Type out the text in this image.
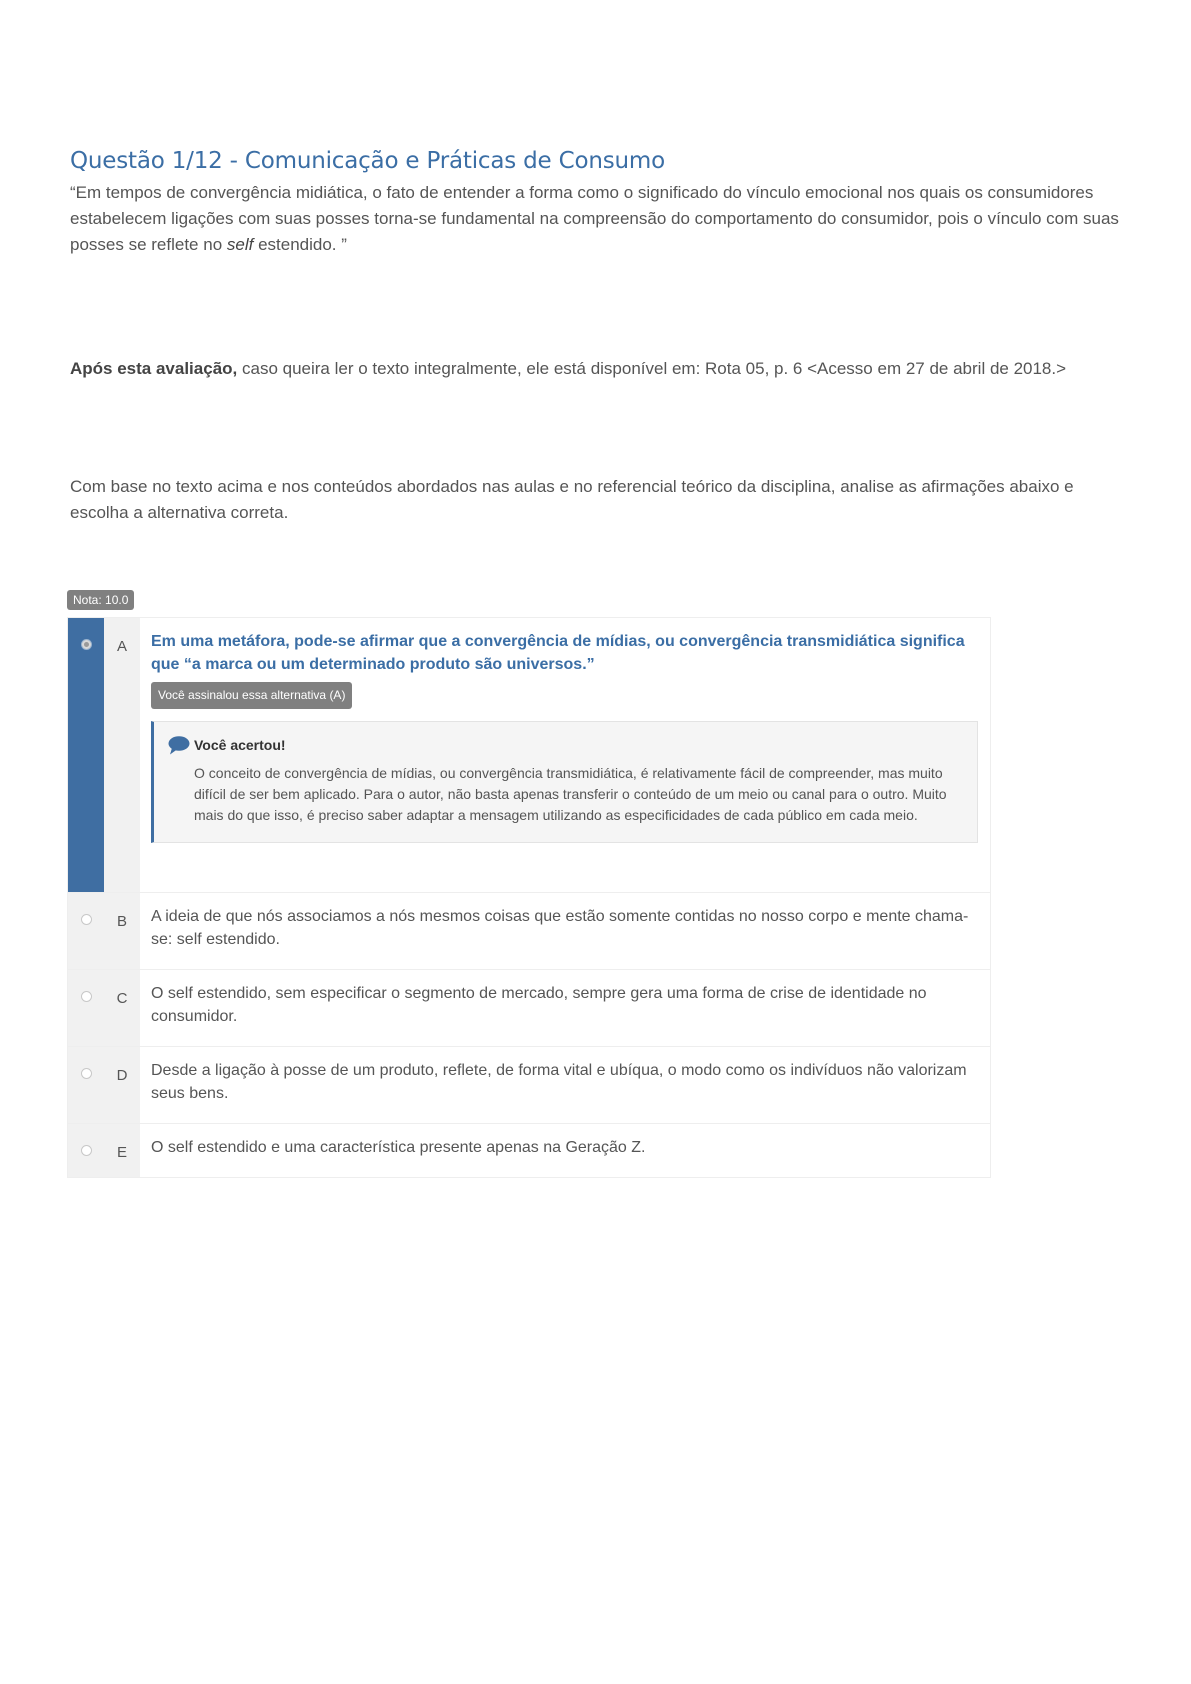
Questão 1/12 - Comunicação e Práticas de Consumo

“Em tempos de convergência midiática, o fato de entender a forma como o significado do vínculo emocional nos quais os consumidores estabelecem ligações com suas posses torna-se fundamental na compreensão do comportamento do consumidor, pois o vínculo com suas posses se reflete no self estendido. ”

Após esta avaliação, caso queira ler o texto integralmente, ele está disponível em: Rota 05, p. 6 <Acesso em 27 de abril de 2018.>

Com base no texto acima e nos conteúdos abordados nas aulas e no referencial teórico da disciplina, analise as afirmações abaixo e escolha a alternativa correta.

Nota: 10.0
A	Em uma metáfora, pode-se afirmar que a convergência de mídias, ou convergência transmidiática significa que “a marca ou um determinado produto são universos.”
Você assinalou essa alternativa (A)
Você acertou!
O conceito de convergência de mídias, ou convergência transmidiática, é relativamente fácil de compreender, mas muito difícil de ser bem aplicado. Para o autor, não basta apenas transferir o conteúdo de um meio ou canal para o outro. Muito mais do que isso, é preciso saber adaptar a mensagem utilizando as especificidades de cada público em cada meio.
B	A ideia de que nós associamos a nós mesmos coisas que estão somente contidas no nosso corpo e mente chama-se: self estendido.
C	O self estendido, sem especificar o segmento de mercado, sempre gera uma forma de crise de identidade no consumidor.
D	Desde a ligação à posse de um produto, reflete, de forma vital e ubíqua, o modo como os indivíduos não valorizam seus bens.
E	O self estendido e uma característica presente apenas na Geração Z.
